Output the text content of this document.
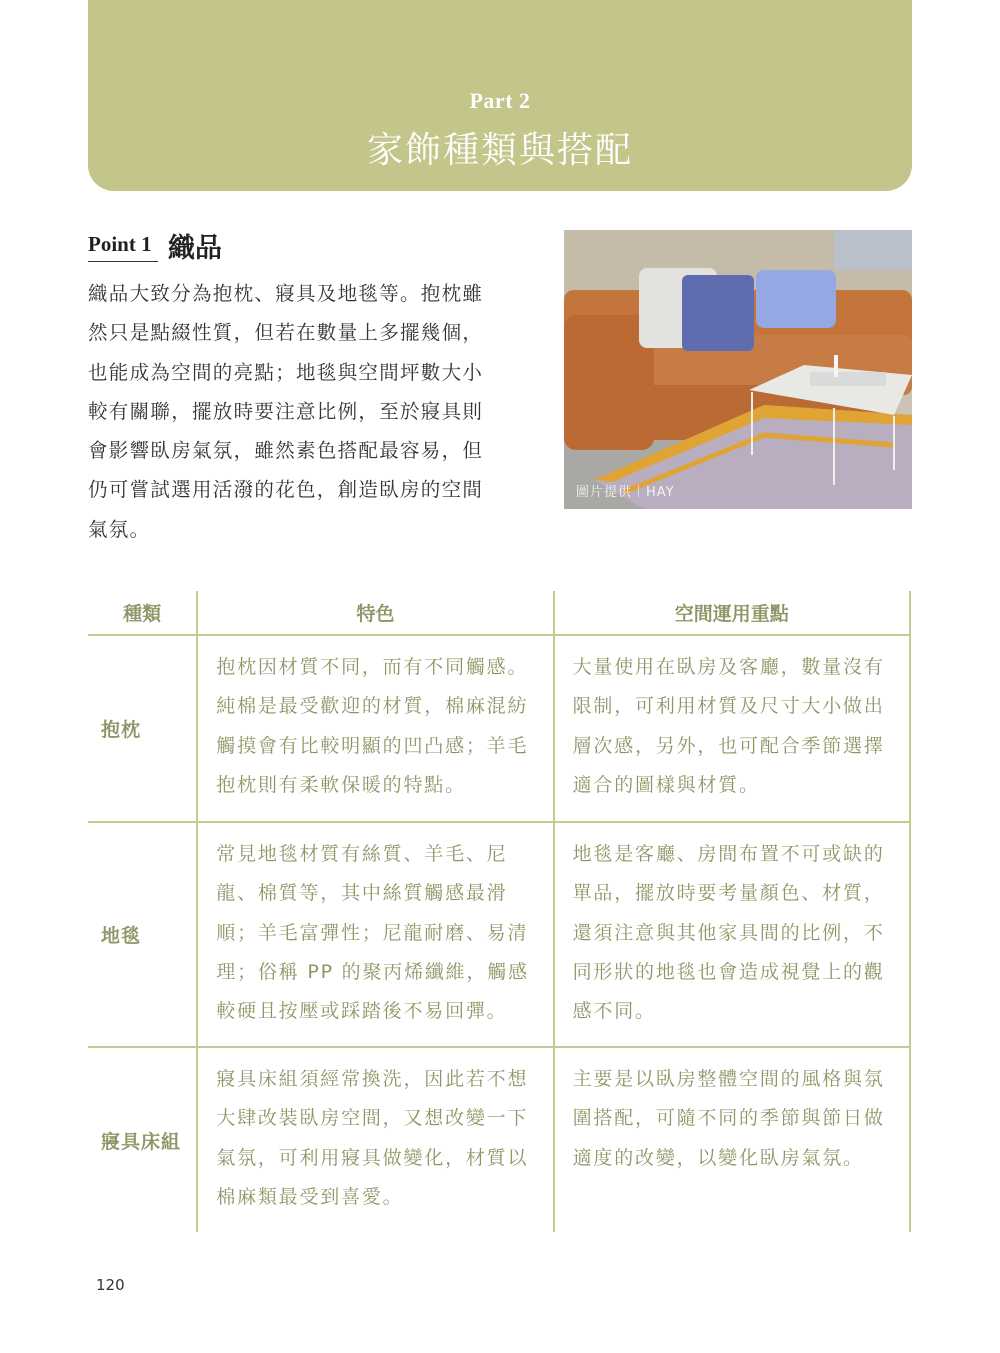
Part 2
家飾種類與搭配
Point 1 織品
織品大致分為抱枕、寢具及地毯等。抱枕雖
然只是點綴性質，但若在數量上多擺幾個，
也能成為空間的亮點；地毯與空間坪數大小
較有關聯，擺放時要注意比例，至於寢具則
會影響臥房氣氛，雖然素色搭配最容易，但
仍可嘗試選用活潑的花色，創造臥房的空間
氣氛。
圖片提供｜HAY
種類	特色	空間運用重點
抱枕	抱枕因材質不同，而有不同觸感。純棉是最受歡迎的材質，棉麻混紡觸摸會有比較明顯的凹凸感；羊毛抱枕則有柔軟保暖的特點。	大量使用在臥房及客廳，數量沒有限制，可利用材質及尺寸大小做出層次感，另外，也可配合季節選擇適合的圖樣與材質。
地毯	常見地毯材質有絲質、羊毛、尼龍、棉質等，其中絲質觸感最滑順；羊毛富彈性；尼龍耐磨、易清理；俗稱 PP 的聚丙烯纖維，觸感較硬且按壓或踩踏後不易回彈。	地毯是客廳、房間布置不可或缺的單品，擺放時要考量顏色、材質，還須注意與其他家具間的比例，不同形狀的地毯也會造成視覺上的觀感不同。
寢具床組	寢具床組須經常換洗，因此若不想大肆改裝臥房空間，又想改變一下氣氛，可利用寢具做變化，材質以棉麻類最受到喜愛。	主要是以臥房整體空間的風格與氛圍搭配，可隨不同的季節與節日做適度的改變，以變化臥房氣氛。
120
